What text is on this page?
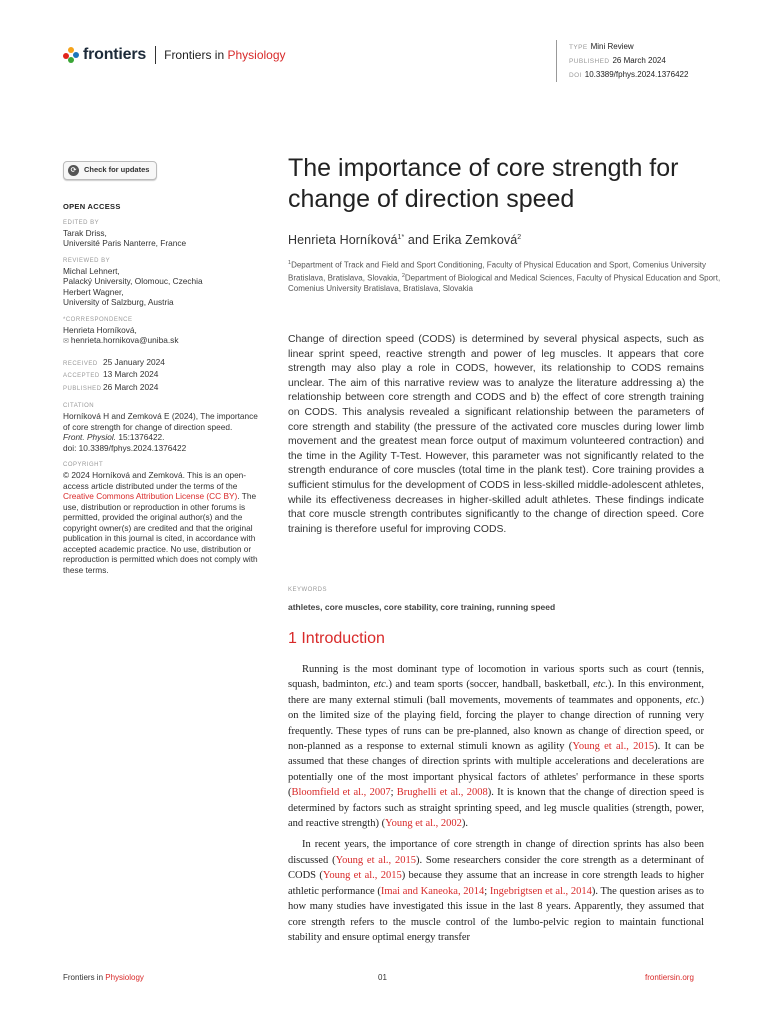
frontiers Frontiers in Physiology
TYPE Mini Review
PUBLISHED 26 March 2024
DOI 10.3389/fphys.2024.1376422
⟳	Check for updates
OPEN ACCESS
EDITED BY
Tarak Driss,
Université Paris Nanterre, France
REVIEWED BY
Michal Lehnert,
Palacký University, Olomouc, Czechia
Herbert Wagner,
University of Salzburg, Austria
*CORRESPONDENCE
Henrieta Horníková,
✉ henrieta.hornikova@uniba.sk
RECEIVED 25 January 2024
ACCEPTED 13 March 2024
PUBLISHED26 March 2024
CITATION
Horníková H and Zemková E (2024), The importance of core strength for change of direction speed.
Front. Physiol. 15:1376422.
doi: 10.3389/fphys.2024.1376422
COPYRIGHT
© 2024 Horníková and Zemková. This is an open-access article distributed under the terms of the Creative Commons Attribution License (CC BY). The use, distribution or reproduction in other forums is permitted, provided the original author(s) and the copyright owner(s) are credited and that the original publication in this journal is cited, in accordance with accepted academic practice. No use, distribution or reproduction is permitted which does not comply with these terms.
The importance of core strength for change of direction speed
Henrieta Horníková$^{1*}$ and Erika Zemková$^2$
$^1$Department of Track and Field and Sport Conditioning, Faculty of Physical Education and Sport, Comenius University Bratislava, Bratislava, Slovakia, $^2$Department of Biological and Medical Sciences, Faculty of Physical Education and Sport, Comenius University Bratislava, Bratislava, Slovakia
Change of direction speed (CODS) is determined by several physical aspects, such as linear sprint speed, reactive strength and power of leg muscles. It appears that core strength may also play a role in CODS, however, its relationship to CODS remains unclear. The aim of this narrative review was to analyze the literature addressing a) the relationship between core strength and CODS and b) the effect of core strength training on CODS. This analysis revealed a significant relationship between the parameters of core strength and stability (the pressure of the activated core muscles during lower limb movement and the greatest mean force output of maximum volunteered contraction) and the time in the Agility T-Test. However, this parameter was not significantly related to the strength endurance of core muscles (total time in the plank test). Core training provides a sufficient stimulus for the development of CODS in less-skilled middle-adolescent athletes, while its effectiveness decreases in higher-skilled adult athletes. These findings indicate that core muscle strength contributes significantly to the change of direction speed. Core training is therefore useful for improving CODS.
KEYWORDS
athletes, core muscles, core stability, core training, running speed
1 Introduction

Running is the most dominant type of locomotion in various sports such as court (tennis, squash, badminton, etc.) and team sports (soccer, handball, basketball, etc.). In this environment, there are many external stimuli (ball movements, movements of teammates and opponents, etc.) on the limited size of the playing field, forcing the player to change direction of running very frequently. These types of runs can be pre-planned, also known as change of direction speed, or non-planned as a response to external stimuli known as agility (Young et al., 2015). It can be assumed that these changes of direction sprints with multiple accelerations and decelerations are potentially one of the most important physical factors of athletes' performance in these sports (Bloomfield et al., 2007; Brughelli et al., 2008). It is known that the change of direction speed is determined by factors such as straight sprinting speed, and leg muscle qualities (strength, power, and reactive strength) (Young et al., 2002).

In recent years, the importance of core strength in change of direction sprints has also been discussed (Young et al., 2015). Some researchers consider the core strength as a determinant of CODS (Young et al., 2015) because they assume that an increase in core strength leads to higher athletic performance (Imai and Kaneoka, 2014; Ingebrigtsen et al., 2014). The question arises as to how many studies have investigated this issue in the last 8 years. Apparently, they assumed that core strength refers to the muscle control of the lumbo-pelvic region to maintain functional stability and ensure optimal energy transfer

Frontiers in Physiology	01	frontiersin.org
